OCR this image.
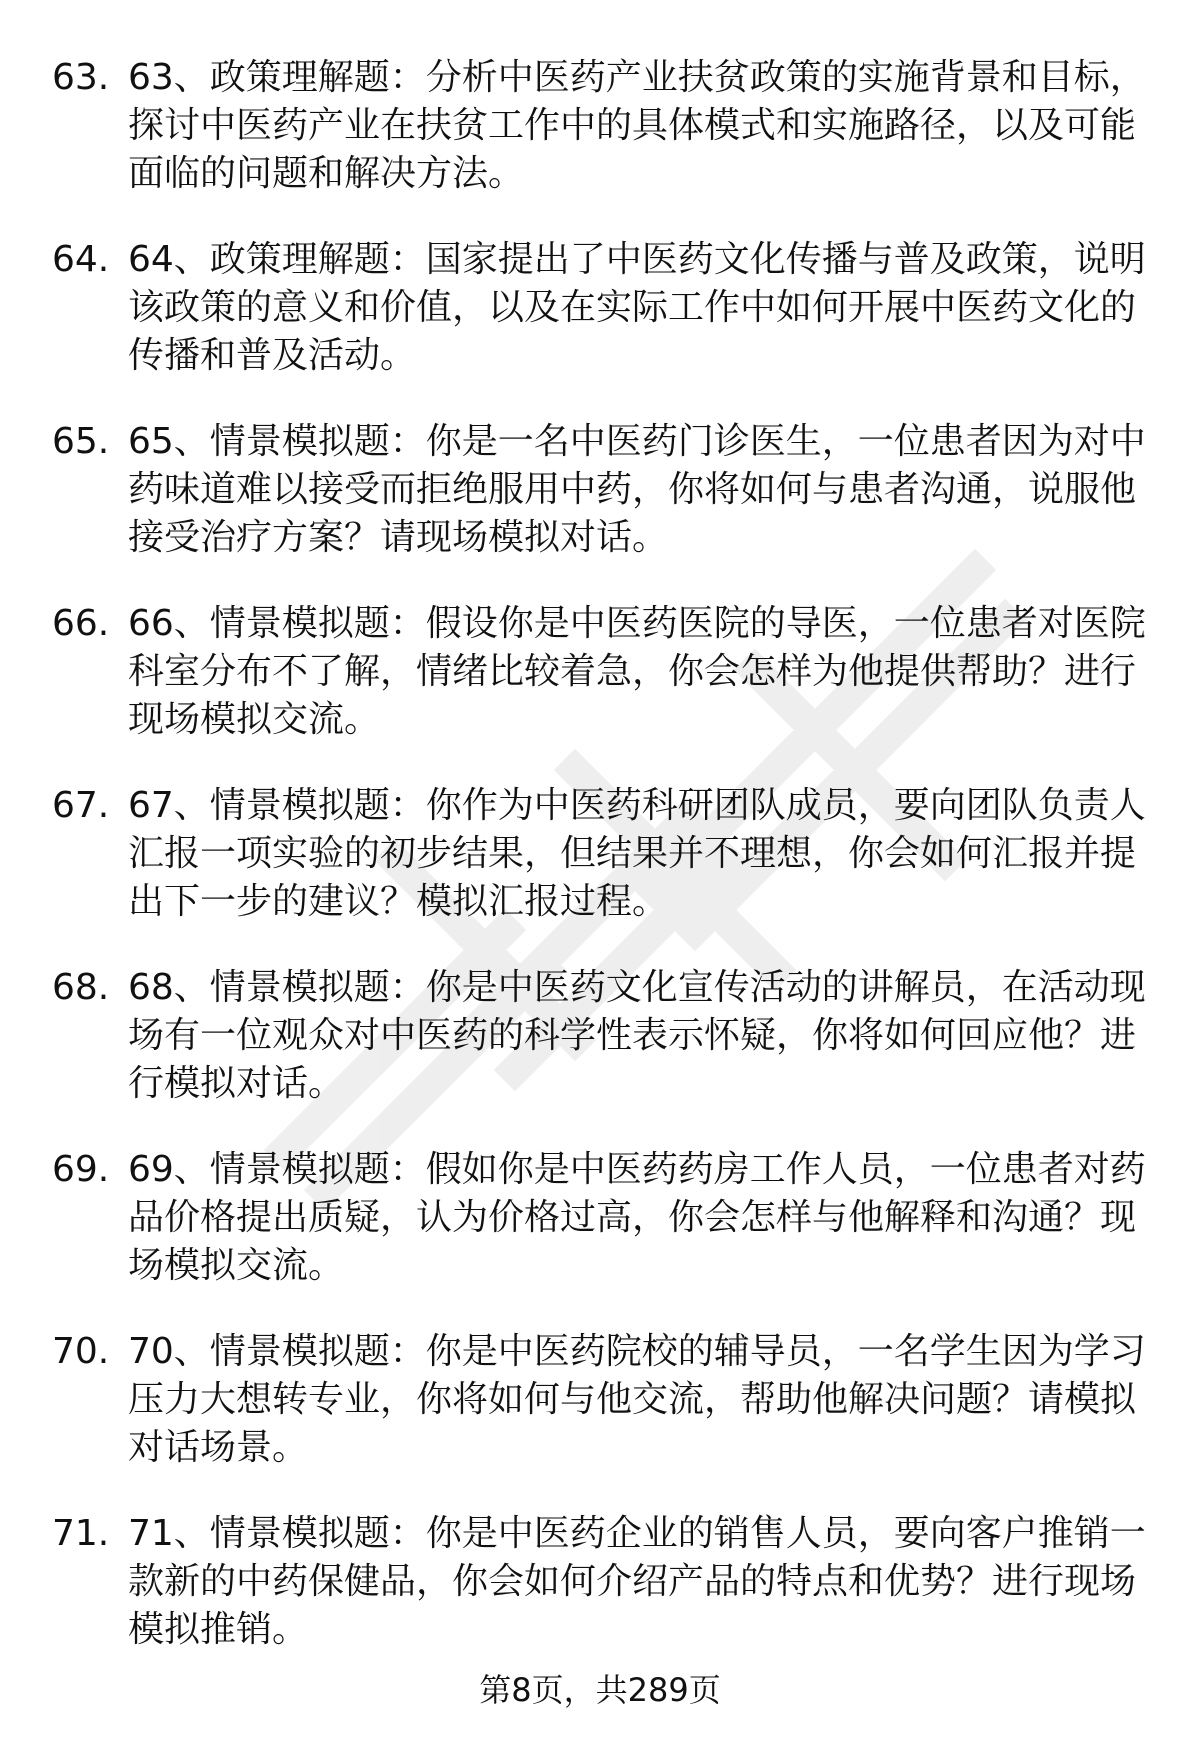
63. 63、政策理解题：分析中医药产业扶贫政策的实施背景和目标，探讨中医药产业在扶贫工作中的具体模式和实施路径，以及可能面临的问题和解决方法。
64. 64、政策理解题：国家提出了中医药文化传播与普及政策，说明该政策的意义和价值，以及在实际工作中如何开展中医药文化的传播和普及活动。
65. 65、情景模拟题：你是一名中医药门诊医生，一位患者因为对中药味道难以接受而拒绝服用中药，你将如何与患者沟通，说服他接受治疗方案？请现场模拟对话。
66. 66、情景模拟题：假设你是中医药医院的导医，一位患者对医院科室分布不了解，情绪比较着急，你会怎样为他提供帮助？进行现场模拟交流。
67. 67、情景模拟题：你作为中医药科研团队成员，要向团队负责人汇报一项实验的初步结果，但结果并不理想，你会如何汇报并提出下一步的建议？模拟汇报过程。
68. 68、情景模拟题：你是中医药文化宣传活动的讲解员，在活动现场有一位观众对中医药的科学性表示怀疑，你将如何回应他？进行模拟对话。
69. 69、情景模拟题：假如你是中医药药房工作人员，一位患者对药品价格提出质疑，认为价格过高，你会怎样与他解释和沟通？现场模拟交流。
70. 70、情景模拟题：你是中医药院校的辅导员，一名学生因为学习压力大想转专业，你将如何与他交流，帮助他解决问题？请模拟对话场景。
71. 71、情景模拟题：你是中医药企业的销售人员，要向客户推销一款新的中药保健品，你会如何介绍产品的特点和优势？进行现场模拟推销。
第8页，共289页
